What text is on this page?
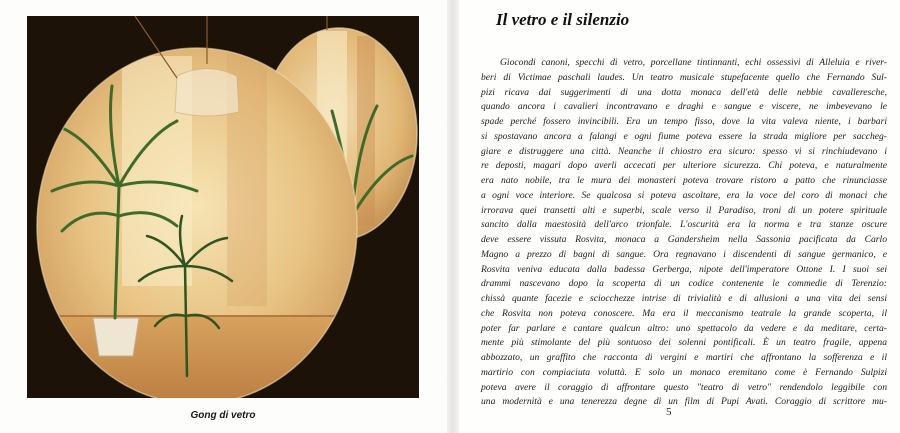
Gong di vetro
Il vetro e il silenzio
Giocondi canoni, specchi di vetro, porcellane tintinnanti, echi ossessivi di Alleluia e river-
beri di Victimae paschali laudes. Un teatro musicale stupefacente quello che Fernando Sul-
pizi ricava dai suggerimenti di una dotta monaca dell'età delle nebbie cavalleresche,
quando ancora i cavalieri incontravano e draghi e sangue e viscere, ne imbevevano le
spade perché fossero invincibili. Era un tempo fisso, dove la vita valeva niente, i barbari
si spostavano ancora a falangi e ogni fiume poteva essere la strada migliore per saccheg-
giare e distruggere una città. Neanche il chiostro era sicuro: spesso vi si rinchiudevano i
re deposti, magari dopo averli accecati per ulteriore sicurezza. Chi poteva, e naturalmente
era nato nobile, tra le mura dei monasteri poteva trovare ristoro a patto che rinunciasse
a ogni voce interiore. Se qualcosa si poteva ascoltare, era la voce del coro di monaci che
irrorava quei transetti alti e superbi, scale verso il Paradiso, troni di un potere spirituale
sancito dalla maestosità dell'arco trionfale. L'oscurità era la norma e tra stanze oscure
deve essere vissuta Rosvita, monaca a Gandersheim nella Sassonia pacificata da Carlo
Magno a prezzo di bagni di sangue. Ora regnavano i discendenti di sangue germanico, e
Rosvita veniva educata dalla badessa Gerberga, nipote dell'imperatore Ottone I. I suoi sei
drammi nascevano dopo la scoperta di un codice contenente le commedie di Terenzio:
chissà quante facezie e sciocchezze intrise di trivialità e di allusioni a una vita dei sensi
che Rosvita non poteva conoscere. Ma era il meccanismo teatrale la grande scoperta, il
poter far parlare e cantare qualcun altro: uno spettacolo da vedere e da meditare, certa-
mente più stimolante del più sontuoso dei solenni pontificali. È un teatro fragile, appena
abbozzato, un graffito che racconta di vergini e martiri che affrontano la sofferenza e il
martirio con compiaciuta voluttà. E solo un monaco eremitano come è Fernando Sulpizi
poteva avere il coraggio di affrontare questo "teatro di vetro" rendendolo leggibile con
una modernità e una tenerezza degne di un film di Pupi Avati. Coraggio di scrittore mu-
5
